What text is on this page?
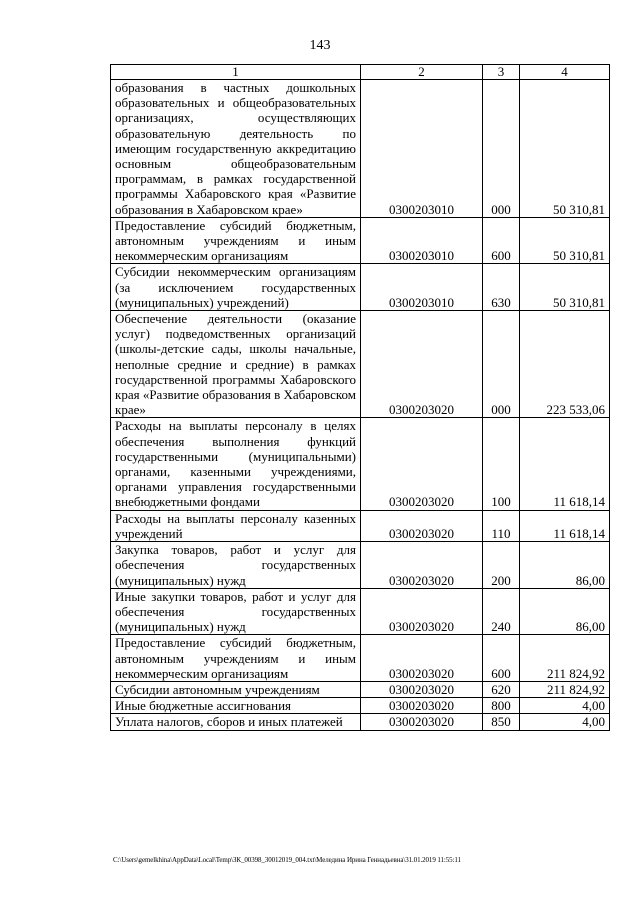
143
1	2	3	4
образования в частных дошкольных образовательных и общеобразовательных организациях, осуществляющих образовательную деятельность по имеющим государственную аккредитацию основным общеобразовательным программам, в рамках государственной программы Хабаровского края «Развитие образования в Хабаровском крае»	0300203010	000	50 310,81
Предоставление субсидий бюджетным, автономным учреждениям и иным некоммерческим организациям	0300203010	600	50 310,81
Субсидии некоммерческим организациям (за исключением государственных (муниципальных) учреждений)	0300203010	630	50 310,81
Обеспечение деятельности (оказание услуг) подведомственных организаций (школы-детские сады, школы начальные, неполные средние и средние) в рамках государственной программы Хабаровского края «Развитие образования в Хабаровском крае»	0300203020	000	223 533,06
Расходы на выплаты персоналу в целях обеспечения выполнения функций государственными (муниципальными) органами, казенными учреждениями, органами управления государственными внебюджетными фондами	0300203020	100	11 618,14
Расходы на выплаты персоналу казенных учреждений	0300203020	110	11 618,14
Закупка товаров, работ и услуг для обеспечения государственных (муниципальных) нужд	0300203020	200	86,00
Иные закупки товаров, работ и услуг для обеспечения государственных (муниципальных) нужд	0300203020	240	86,00
Предоставление субсидий бюджетным, автономным учреждениям и иным некоммерческим организациям	0300203020	600	211 824,92
Субсидии автономным учреждениям	0300203020	620	211 824,92
Иные бюджетные ассигнования	0300203020	800	4,00
Уплата налогов, сборов и иных платежей	0300203020	850	4,00
C:\Users\gemelkhina\AppData\Local\Temp\ЗК_00398_30012019_004.txt\Меледина Ирина Геннадьевна\31.01.2019 11:55:11
